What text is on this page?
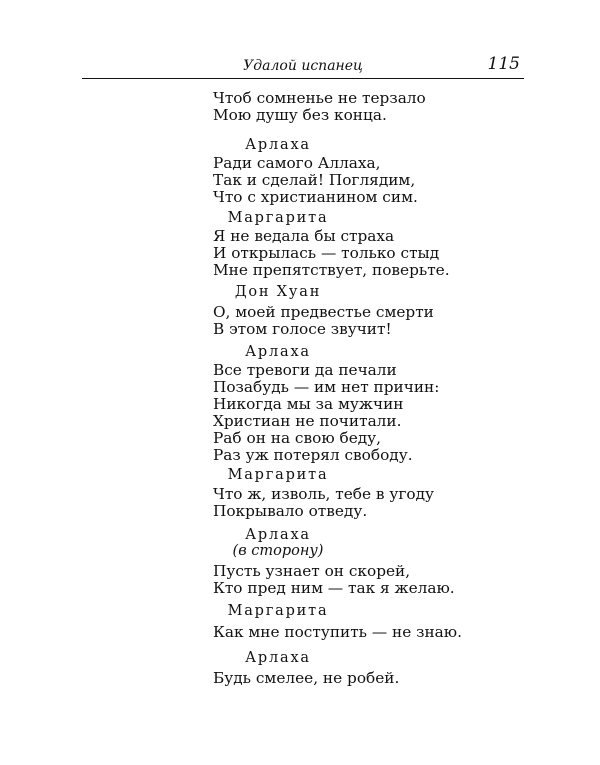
Удалой испанец	115
Чтоб сомненье не терзало
Мою душу без конца.
Арлаха
Ради самого Аллаха,
Так и сделай! Поглядим,
Что с христианином сим.
Маргарита
Я не ведала бы страха
И открылась — только стыд
Мне препятствует, поверьте.
Дон Хуан
О, моей предвестье смерти
В этом голосе звучит!
Арлаха
Все тревоги да печали
Позабудь — им нет причин:
Никогда мы за мужчин
Христиан не почитали.
Раб он на свою беду,
Раз уж потерял свободу.
Маргарита
Что ж, изволь, тебе в угоду
Покрывало отведу.
Арлаха
(в сторону)
Пусть узнает он скорей,
Кто пред ним — так я желаю.
Маргарита
Как мне поступить — не знаю.
Арлаха
Будь смелее, не робей.
